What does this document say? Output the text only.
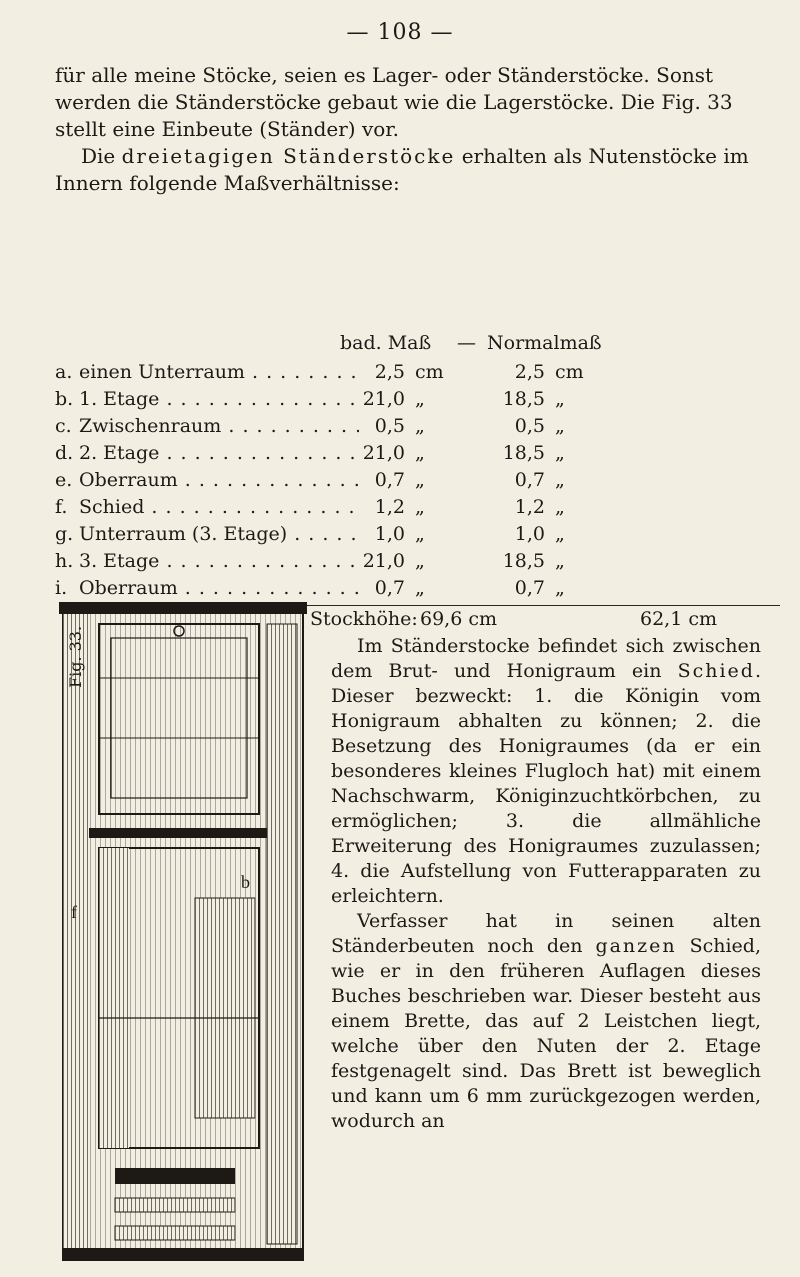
— 108 —

für alle meine Stöcke, seien es Lager- oder Ständerstöcke. Sonst werden die Ständerstöcke gebaut wie die Lagerstöcke. Die Fig. 33 stellt eine Einbeute (Ständer) vor.

Die dreietagigen Ständerstöcke erhalten als Nutenstöcke im Innern folgende Maßverhältnisse:

bad. Maß — Normalmaß
a. einen Unterraum . . .	2,5 cm	2,5 cm
b. 1. Etage . . .	21,0 „	18,5 „
c. Zwischenraum . . .	0,5 „	0,5 „
d. 2. Etage . . .	21,0 „	18,5 „
e. Oberraum . . .	0,7 „	0,7 „
f. Schied . . .	1,2 „	1,2 „
g. Unterraum (3. Etage) . . .	1,0 „	1,0 „
h. 3. Etage . . .	21,0 „	18,5 „
i. Oberraum . . .	0,7 „	0,7 „
Stockhöhe: 69,6 cm	62,1 cm

Im Ständerstocke befindet sich zwischen dem Brut- und Honigraum ein Schied. Dieser bezweckt: 1. die Königin vom Honigraum abhalten zu können; 2. die Besetzung des Honigraumes (da er ein besonderes kleines Flugloch hat) mit einem Nachschwarm, Königinzuchtkörbchen, zu ermöglichen; 3. die allmähliche Erweiterung des Honigraumes zuzulassen; 4. die Aufstellung von Futterapparaten zu erleichtern.

Verfasser hat in seinen alten Ständerbeuten noch den ganzen Schied, wie er in den früheren Auflagen dieses Buches beschrieben war. Dieser besteht aus einem Brette, das auf 2 Leistchen liegt, welche über den Nuten der 2. Etage festgenagelt sind. Das Brett ist beweglich und kann um 6 mm zurückgezogen werden, wodurch an

f
b
Fig. 33.
